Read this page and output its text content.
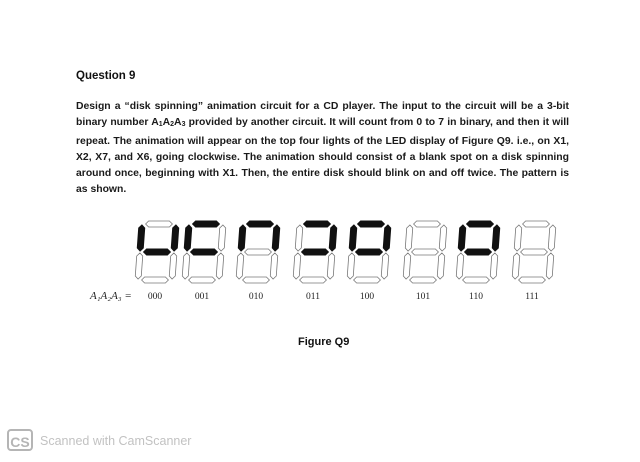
Question 9

Design a “disk spinning” animation circuit for a CD player. The input to the circuit will be a 3-bit binary number $A_1A_2A_3$ provided by another circuit. It will count from 0 to 7 in binary, and then it will repeat. The animation will appear on the top four lights of the LED display of Figure Q9. i.e., on X1, X2, X7, and X6, going clockwise. The animation should consist of a blank spot on a disk spinning around once, beginning with X1. Then, the entire disk should blink on and off twice. The pattern is as shown.

A₁A₂A₃ = 000	001	010	011	100	101	110	111
Figure Q9
CS Scanned with CamScanner
